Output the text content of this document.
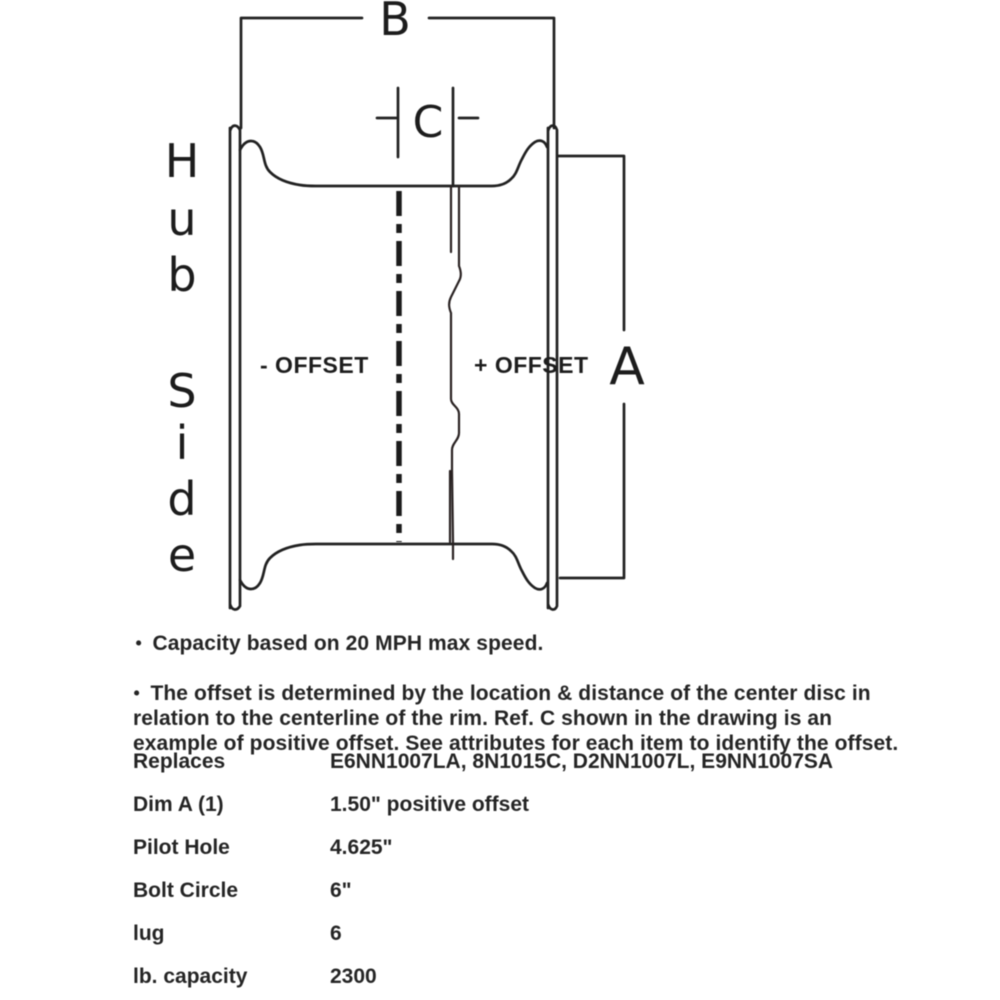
B
C
A
- OFFSET	+ OFFSET
H
u
b
S
i
d
e
• Capacity based on 20 MPH max speed.
• The offset is determined by the location & distance of the center disc in
relation to the centerline of the rim. Ref. C shown in the drawing is an
example of positive offset. See attributes for each item to identify the offset.
Replaces	E6NN1007LA, 8N1015C, D2NN1007L, E9NN1007SA
Dim A (1)	1.50" positive offset
Pilot Hole	4.625"
Bolt Circle	6"
lug	6
lb. capacity	2300
